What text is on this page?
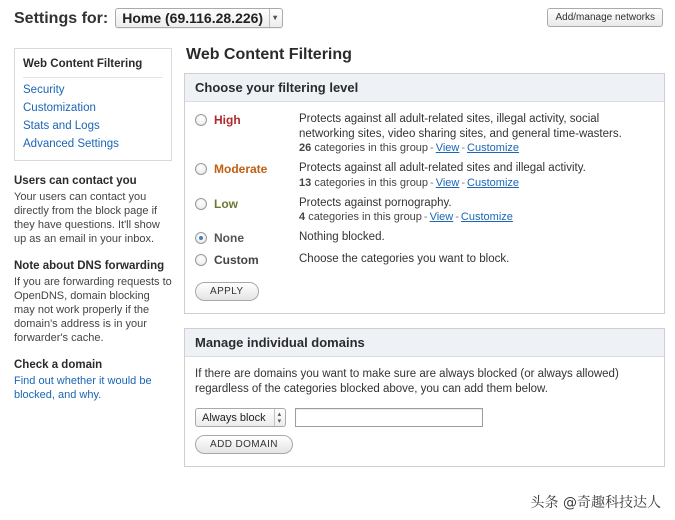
Settings for: Home (69.116.28.226)	▾	Add/manage networks
Web Content Filtering
Security
Customization
Stats and Logs
Advanced Settings
Users can contact you
Your users can contact you directly from the block page if they have questions. It'll show up as an email in your inbox.
Note about DNS forwarding
If you are forwarding requests to OpenDNS, domain blocking may not work properly if the domain's address is in your forwarder's cache.
Check a domain
Find out whether it would be blocked, and why.
Web Content Filtering
Choose your filtering level
High	Protects against all adult-related sites, illegal activity, social networking sites, video sharing sites, and general time-wasters.
26 categories in this group - View - Customize
Moderate	Protects against all adult-related sites and illegal activity.
13 categories in this group - View - Customize
Low	Protects against pornography.
4 categories in this group - View - Customize
None	Nothing blocked.
Custom	Choose the categories you want to block.
APPLY
Manage individual domains
If there are domains you want to make sure are always blocked (or always allowed) regardless of the categories blocked above, you can add them below.
Always block	▴
▾
ADD DOMAIN
头条 @奇趣科技达人
